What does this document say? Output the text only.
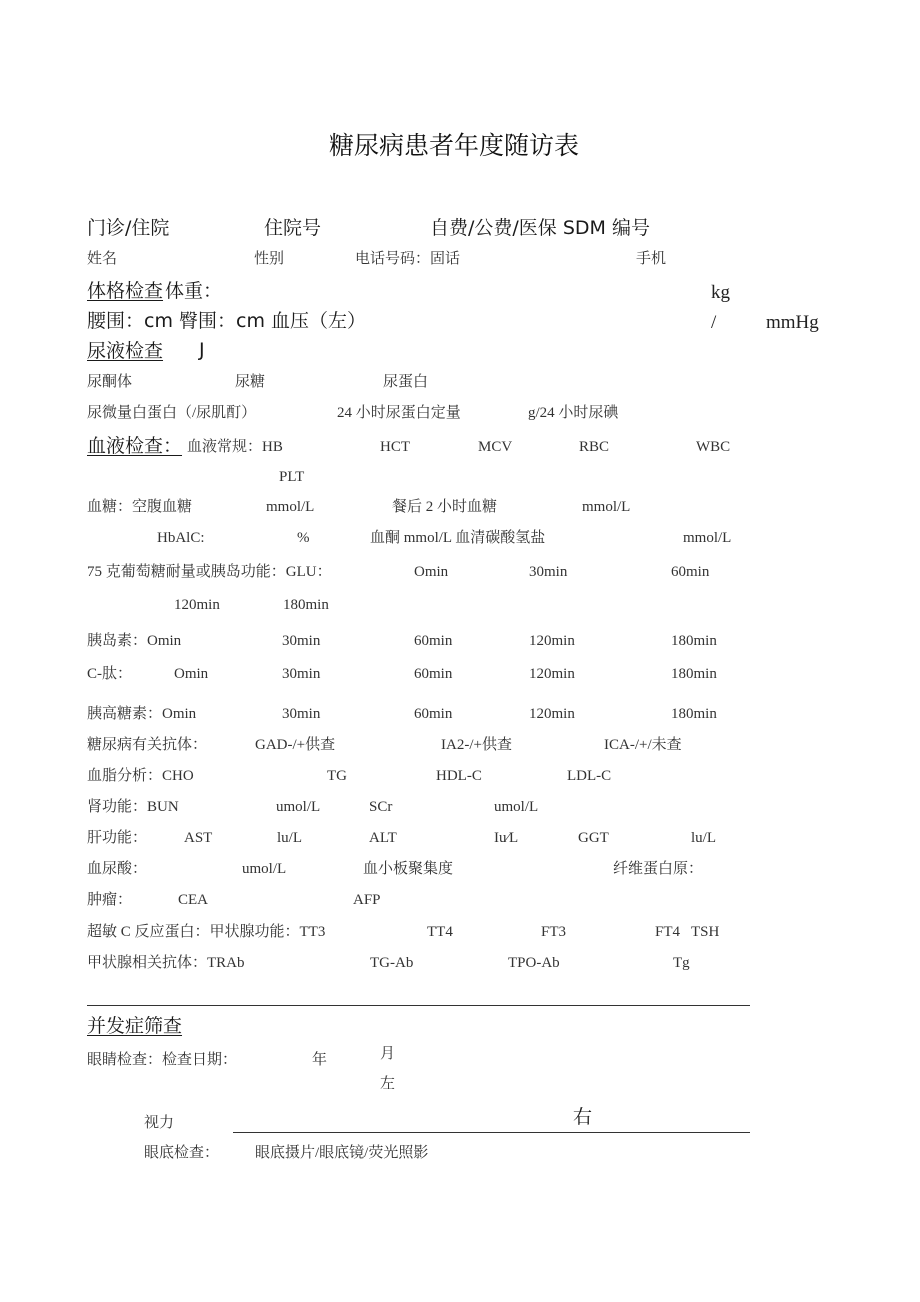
糖尿病患者年度随访表
门诊/住院	住院号	自费/公费/医保 SDM 编号
姓名	性别	电话号码：固话	手机
体格检查 体重：	kg
腰围：cm 臀围：cm 血压（左）	/	mmHg
尿液检查 J
尿酮体	尿糖	尿蛋白
尿微量白蛋白（/尿肌酊）	24 小时尿蛋白定量	g/24 小时尿碘
血液检查： 血液常规：HB	HCT	MCV	RBC	WBC
PLT
血糖：空腹血糖	mmol/L	餐后 2 小时血糖	mmol/L
HbAlC:	%	血酮 mmol/L 血清碳酸氢盐	mmol/L
75 克葡萄糖耐量或胰岛功能：GLU：	Omin	30min	60min
120min	180min
胰岛素：Omin	30min	60min	120min	180min
C-肽：	Omin	30min	60min	120min	180min
胰高糖素：Omin	30min	60min	120min	180min
糖尿病有关抗体：	GAD-/+供查	IA2-/+供查	ICA-/+/未查
血脂分析：CHO	TG	HDL-C	LDL-C
肾功能：BUN	umol/L	SCr	umol/L
肝功能： AST	lu/L	ALT	Iu⁄L	GGT	lu/L
血尿酸：	umol/L	血小板聚集度	纤维蛋白原：
肿瘤：	CEA	AFP
超敏 C 反应蛋白：甲状腺功能：TT3	TT4	FT3	FT4   TSH
甲状腺相关抗体：TRAb	TG-Ab	TPO-Ab	Tg
并发症筛查
眼睛检查：检查日期：	年	月
左
视力	右
眼底检查： 眼底摄片/眼底镜/荧光照影
